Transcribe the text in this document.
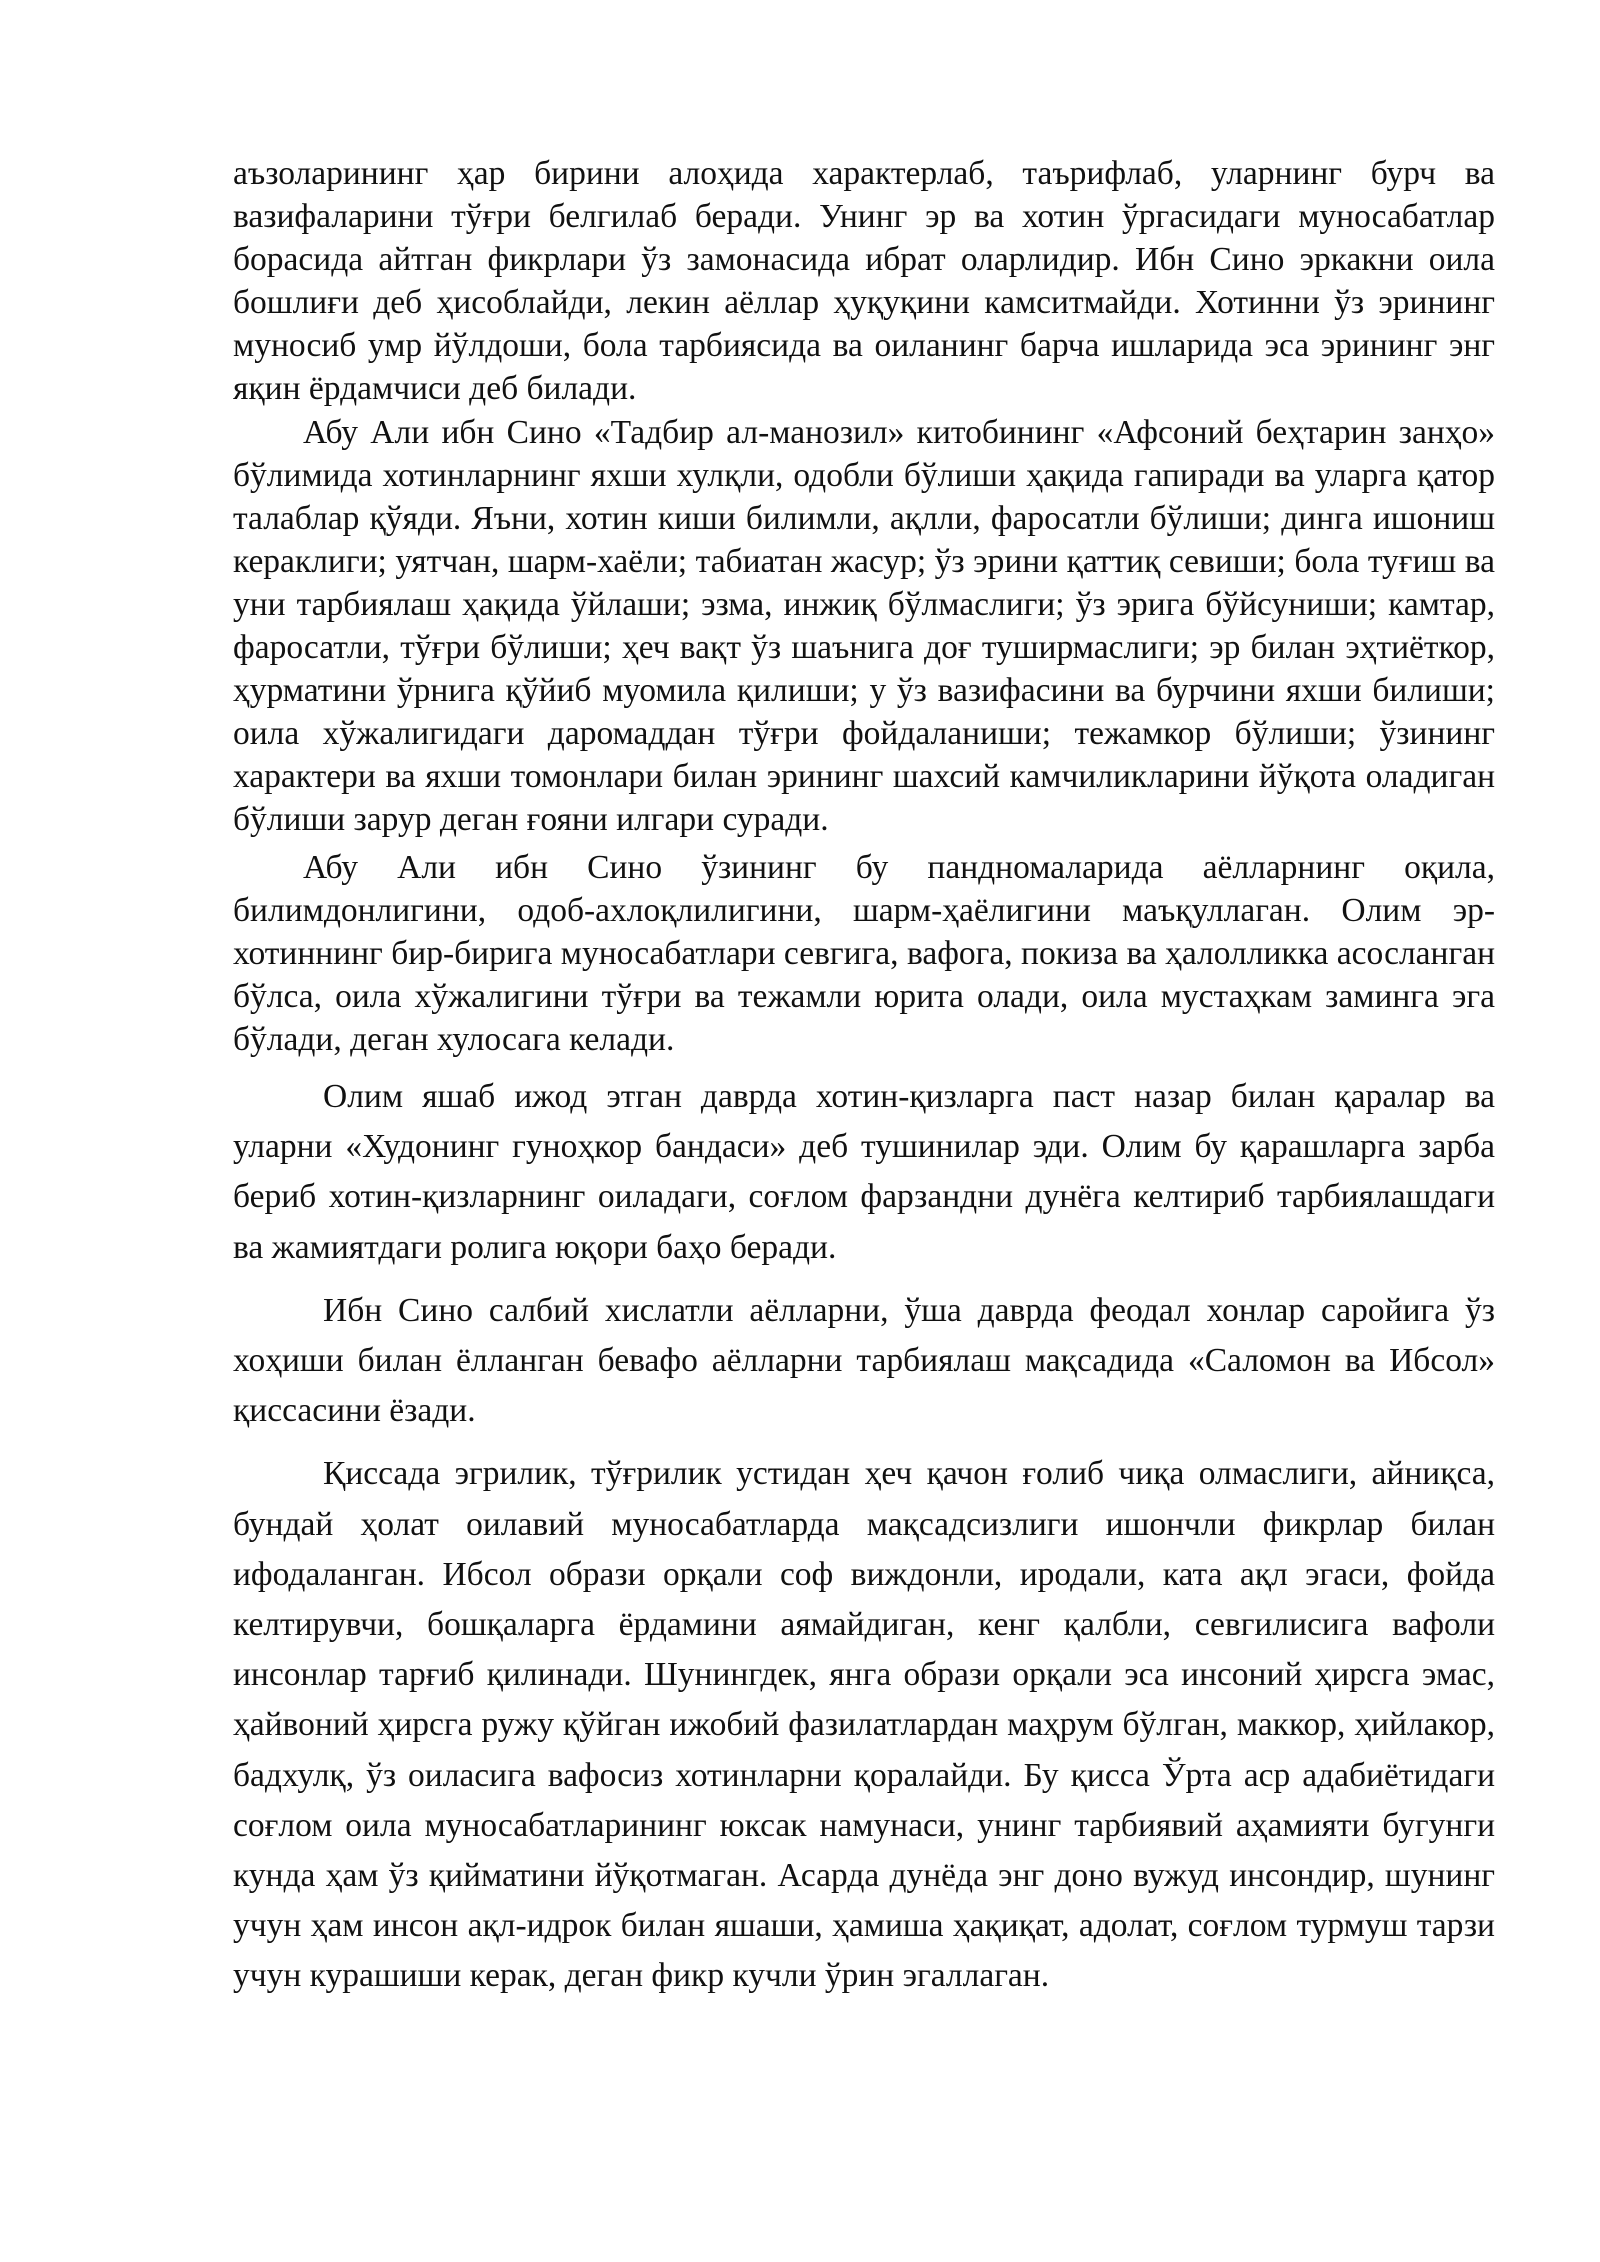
аъзоларининг ҳар бирини алоҳида характерлаб, таърифлаб, уларнинг бурч ва вазифаларини тўғри белгилаб беради. Унинг эр ва хотин ўргасидаги муносабатлар борасида айтган фикрлари ўз замонасида ибрат оларлидир. Ибн Сино эркакни оила бошлиғи деб ҳисоблайди, лекин аёллар ҳуқуқини камситмайди. Хотинни ўз эрининг муносиб умр йўлдоши, бола тарбиясида ва оиланинг барча ишларида эса эрининг энг яқин ёрдамчиси деб билади.

Абу Али ибн Сино «Тадбир ал-манозил» китобининг «Афсоний беҳтарин занҳо» бўлимида хотинларнинг яхши хулқли, одобли бўлиши ҳақида гапиради ва уларга қатор талаблар қўяди. Яъни, хотин киши билимли, ақлли, фаросатли бўлиши; динга ишониш кераклиги; уятчан, шарм-хаёли; табиатан жасур; ўз эрини қаттиқ севиши; бола туғиш ва уни тарбиялаш ҳақида ўйлаши; эзма, инжиқ бўлмаслиги; ўз эрига бўйсуниши; камтар, фаросатли, тўғри бўлиши; ҳеч вақт ўз шаънига доғ туширмаслиги; эр билан эҳтиёткор, ҳурматини ўрнига қўйиб муомила қилиши; у ўз вазифасини ва бурчини яхши билиши; оила хўжалигидаги даромаддан тўғри фойдаланиши; тежамкор бўлиши; ўзининг характери ва яхши томонлари билан эрининг шахсий камчиликларини йўқота оладиган бўлиши зарур деган ғояни илгари суради.

Абу Али ибн Сино ўзининг бу пандномаларида аёлларнинг оқила, билимдонлигини, одоб-ахлоқлилигини, шарм-ҳаёлигини маъқуллаган. Олим эр-хотиннинг бир-бирига муносабатлари севгига, вафога, покиза ва ҳалолликка асосланган бўлса, оила хўжалигини тўғри ва тежамли юрита олади, оила мустаҳкам заминга эга бўлади, деган хулосага келади.

Олим яшаб ижод этган даврда хотин-қизларга паст назар билан қаралар ва уларни «Худонинг гуноҳкор бандаси» деб тушинилар эди. Олим бу қарашларга зарба бериб хотин-қизларнинг оиладаги, соғлом фарзандни дунёга келтириб тарбиялашдаги ва жамиятдаги ролига юқори баҳо беради.

Ибн Сино салбий хислатли аёлларни, ўша даврда феодал хонлар саройига ўз хоҳиши билан ёлланган бевафо аёлларни тарбиялаш мақсадида «Саломон ва Ибсол» қиссасини ёзади.

Қиссада эгрилик, тўғрилик устидан ҳеч қачон ғолиб чиқа олмаслиги, айниқса, бундай ҳолат оилавий муносабатларда мақсадсизлиги ишончли фикрлар билан ифодаланган. Ибсол образи орқали соф виждонли, иродали, ката ақл эгаси, фойда келтирувчи, бошқаларга ёрдамини аямайдиган, кенг қалбли, севгилисига вафоли инсонлар тарғиб қилинади. Шунингдек, янга образи орқали эса инсоний ҳирсга эмас, ҳайвоний ҳирсга ружу қўйган ижобий фазилатлардан маҳрум бўлган, маккор, ҳийлакор, бадхулқ, ўз оиласига вафосиз хотинларни қоралайди. Бу қисса Ўрта аср адабиётидаги соғлом оила муносабатларининг юксак намунаси, унинг тарбиявий аҳамияти бугунги кунда ҳам ўз қийматини йўқотмаган. Асарда дунёда энг доно вужуд инсондир, шунинг учун ҳам инсон ақл-идрок билан яшаши, ҳамиша ҳақиқат, адолат, соғлом турмуш тарзи учун курашиши керак, деган фикр кучли ўрин эгаллаган.
